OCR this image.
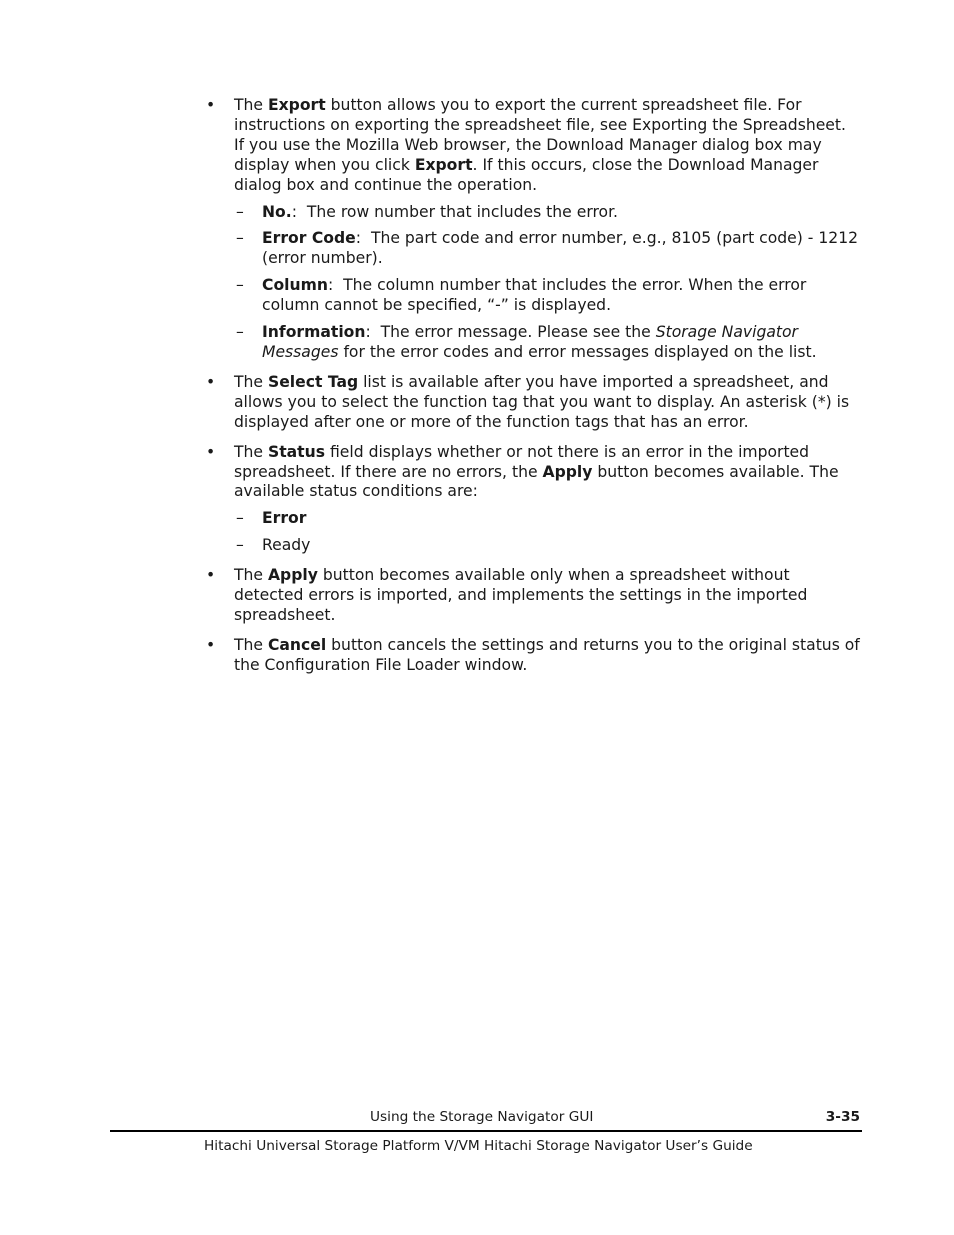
• The Export button allows you to export the current spreadsheet file. For instructions on exporting the spreadsheet file, see Exporting the Spreadsheet.

If you use the Mozilla Web browser, the Download Manager dialog box may display when you click Export. If this occurs, close the Download Manager dialog box and continue the operation.

– No.:  The row number that includes the error.
– Error Code:  The part code and error number, e.g., 8105 (part code) - 1212 (error number).
– Column:  The column number that includes the error. When the error column cannot be specified, “-” is displayed.
– Information:  The error message. Please see the Storage Navigator Messages for the error codes and error messages displayed on the list.
• The Select Tag list is available after you have imported a spreadsheet, and allows you to select the function tag that you want to display. An asterisk (*) is displayed after one or more of the function tags that has an error.

• The Status field displays whether or not there is an error in the imported spreadsheet. If there are no errors, the Apply button becomes available. The available status conditions are:

– Error
– Ready
• The Apply button becomes available only when a spreadsheet without detected errors is imported, and implements the settings in the imported spreadsheet.

• The Cancel button cancels the settings and returns you to the original status of the Configuration File Loader window.

Using the Storage Navigator GUI	3-35
Hitachi Universal Storage Platform V/VM Hitachi Storage Navigator User’s Guide
